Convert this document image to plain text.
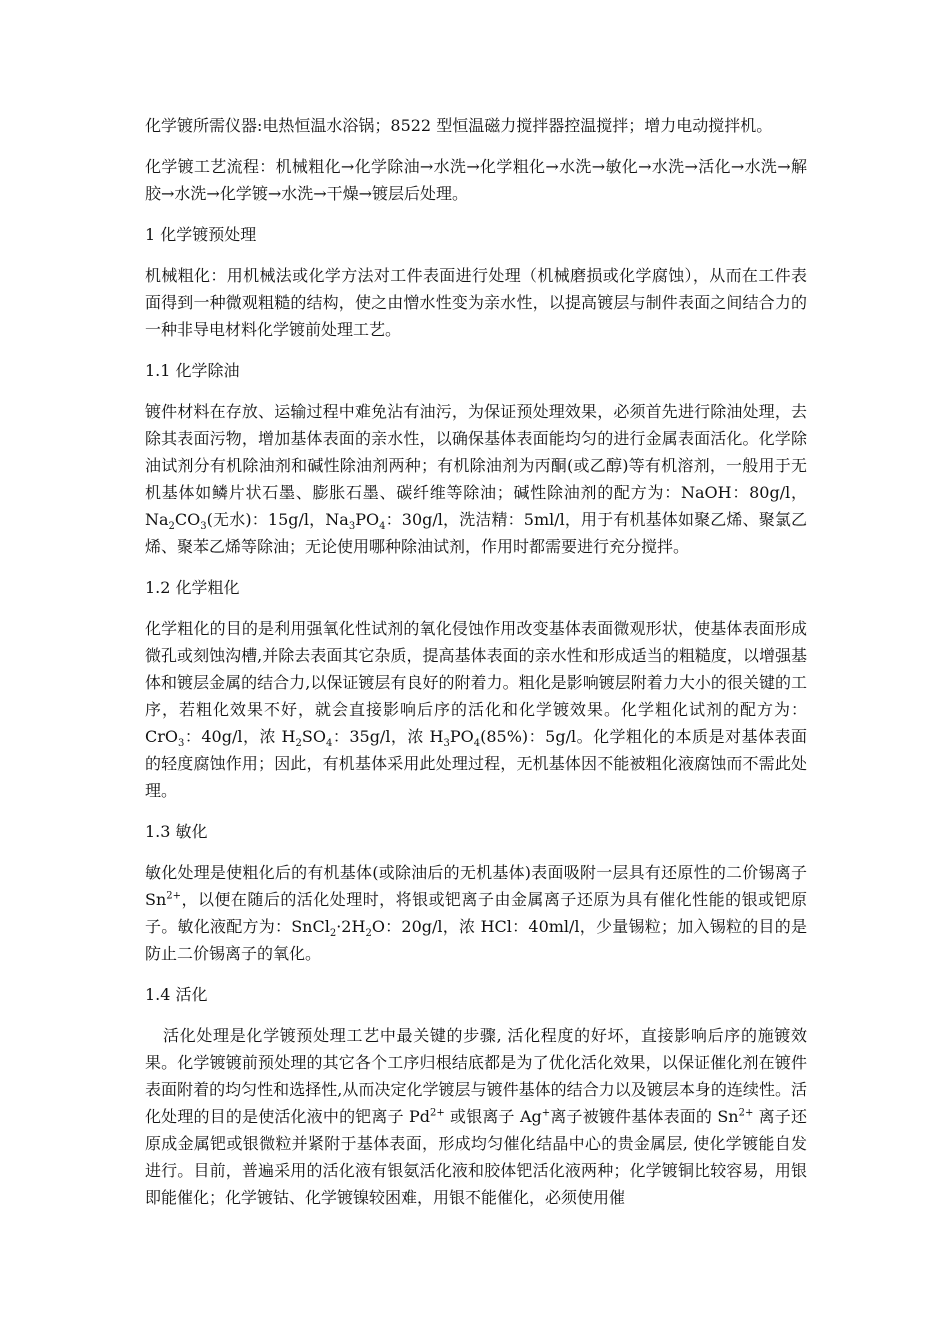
化学镀所需仪器:电热恒温水浴锅；8522 型恒温磁力搅拌器控温搅拌；增力电动搅拌机。

化学镀工艺流程：机械粗化→化学除油→水洗→化学粗化→水洗→敏化→水洗→活化→水洗→解胶→水洗→化学镀→水洗→干燥→镀层后处理。

1 化学镀预处理

机械粗化：用机械法或化学方法对工件表面进行处理（机械磨损或化学腐蚀），从而在工件表面得到一种微观粗糙的结构，使之由憎水性变为亲水性，以提高镀层与制件表面之间结合力的一种非导电材料化学镀前处理工艺。

1.1 化学除油

镀件材料在存放、运输过程中难免沾有油污，为保证预处理效果，必须首先进行除油处理，去除其表面污物，增加基体表面的亲水性，以确保基体表面能均匀的进行金属表面活化。化学除油试剂分有机除油剂和碱性除油剂两种；有机除油剂为丙酮(或乙醇)等有机溶剂，一般用于无机基体如鳞片状石墨、膨胀石墨、碳纤维等除油；碱性除油剂的配方为：NaOH：80g/l，$Na_2CO_3$(无水)：15g/l，$Na_3PO_4$：30g/l，洗洁精：5ml/l，用于有机基体如聚乙烯、聚氯乙烯、聚苯乙烯等除油；无论使用哪种除油试剂，作用时都需要进行充分搅拌。

1.2 化学粗化

化学粗化的目的是利用强氧化性试剂的氧化侵蚀作用改变基体表面微观形状，使基体表面形成微孔或刻蚀沟槽,并除去表面其它杂质，提高基体表面的亲水性和形成适当的粗糙度，以增强基体和镀层金属的结合力,以保证镀层有良好的附着力。粗化是影响镀层附着力大小的很关键的工序，若粗化效果不好，就会直接影响后序的活化和化学镀效果。化学粗化试剂的配方为：CrO$_3$：40g/l，浓 $H_2SO_4$：35g/l，浓 $H_3PO_4(85\%)$：5g/l。化学粗化的本质是对基体表面的轻度腐蚀作用；因此，有机基体采用此处理过程，无机基体因不能被粗化液腐蚀而不需此处理。

1.3 敏化

敏化处理是使粗化后的有机基体(或除油后的无机基体)表面吸附一层具有还原性的二价锡离子 $Sn^{2+}$，以便在随后的活化处理时，将银或钯离子由金属离子还原为具有催化性能的银或钯原子。敏化液配方为：$SnCl_2\cdot 2H_2O$：20g/l，浓 HCl：40ml/l，少量锡粒；加入锡粒的目的是防止二价锡离子的氧化。

1.4 活化

活化处理是化学镀预处理工艺中最关键的步骤, 活化程度的好坏，直接影响后序的施镀效果。化学镀镀前预处理的其它各个工序归根结底都是为了优化活化效果，以保证催化剂在镀件表面附着的均匀性和选择性,从而决定化学镀层与镀件基体的结合力以及镀层本身的连续性。活化处理的目的是使活化液中的钯离子 $Pd^{2+}$ 或银离子 Ag+离子被镀件基体表面的 $Sn^{2+}$ 离子还原成金属钯或银微粒并紧附于基体表面，形成均匀催化结晶中心的贵金属层, 使化学镀能自发进行。目前，普遍采用的活化液有银氨活化液和胶体钯活化液两种；化学镀铜比较容易，用银即能催化；化学镀钴、化学镀镍较困难，用银不能催化，必须使用催
